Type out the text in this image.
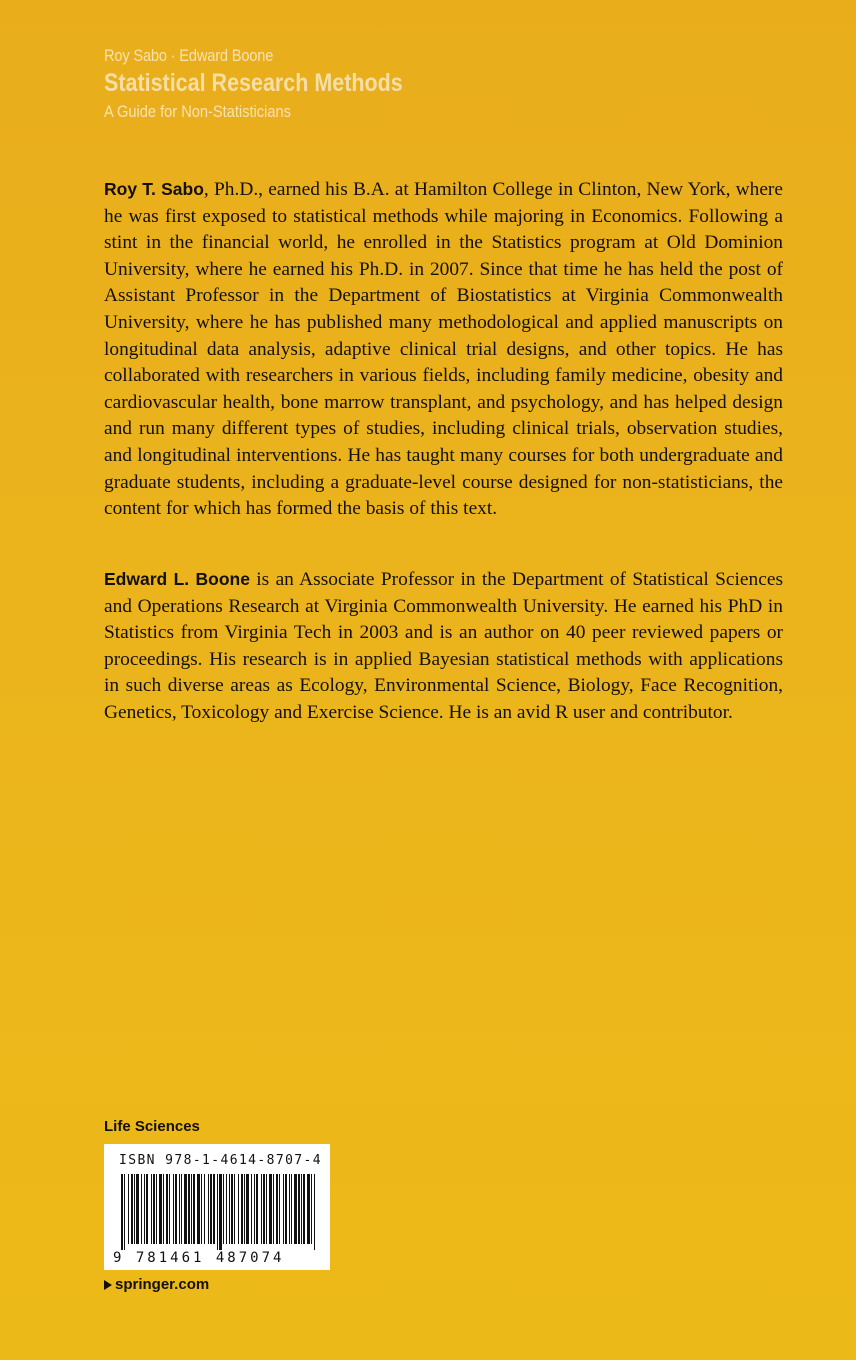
Roy Sabo · Edward Boone
Statistical Research Methods
A Guide for Non-Statisticians

Roy T. Sabo, Ph.D., earned his B.A. at Hamilton College in Clinton, New York, where he was first exposed to statistical methods while majoring in Economics. Following a stint in the financial world, he enrolled in the Statistics program at Old Dominion University, where he earned his Ph.D. in 2007. Since that time he has held the post of Assistant Professor in the Department of Biostatistics at Virginia Commonwealth University, where he has published many methodological and applied manuscripts on longitudinal data analysis, adaptive clinical trial designs, and other topics. He has collaborated with researchers in various fields, including family medicine, obesity and cardiovascular health, bone marrow transplant, and psychology, and has helped design and run many different types of studies, including clinical trials, observation studies, and longitudinal interventions. He has taught many courses for both undergraduate and graduate students, including a graduate-level course designed for non-statisticians, the content for which has formed the basis of this text.

Edward L. Boone is an Associate Professor in the Department of Statistical Sciences and Operations Research at Virginia Commonwealth University. He earned his PhD in Statistics from Virginia Tech in 2003 and is an author on 40 peer reviewed papers or proceedings. His research is in applied Bayesian statistical methods with applications in such diverse areas as Ecology, Environmental Science, Biology, Face Recognition, Genetics, Toxicology and Exercise Science. He is an avid R user and contributor.

Life Sciences
ISBN 978-1-4614-8707-4
9 781461 487074
springer.com
